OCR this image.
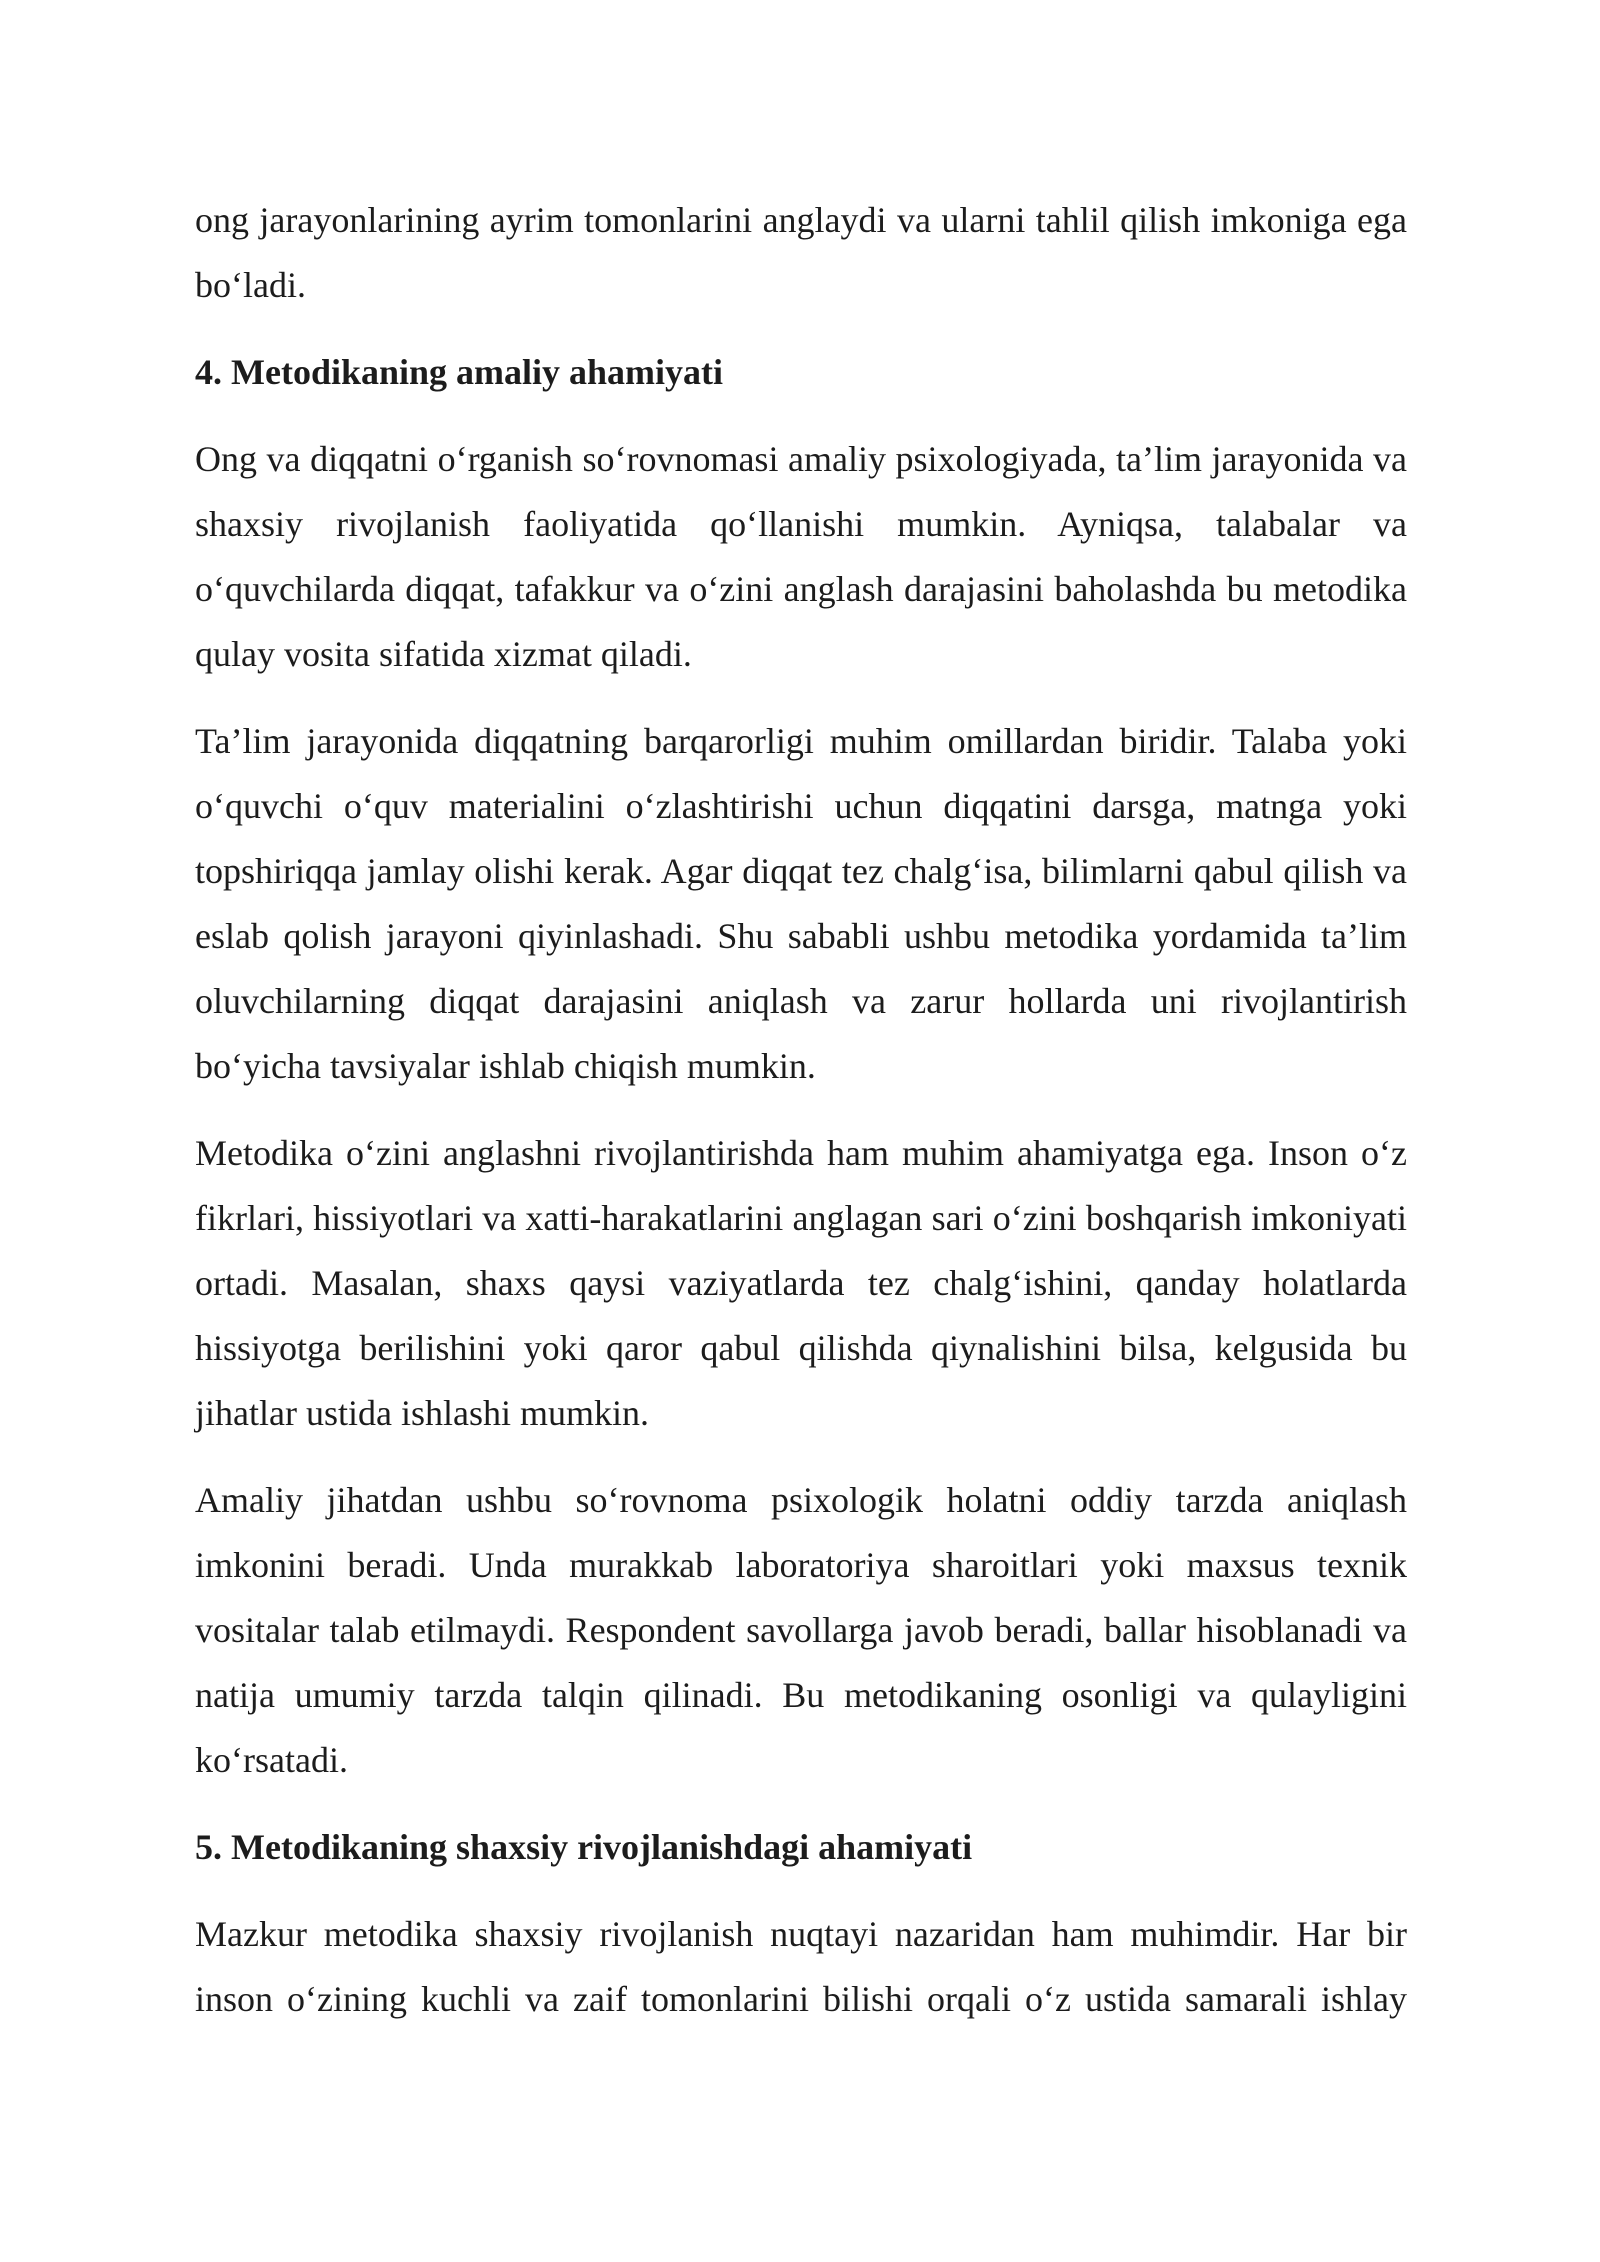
ong jarayonlarining ayrim tomonlarini anglaydi va ularni tahlil qilish imkoniga ega bo‘ladi.

4. Metodikaning amaliy ahamiyati

Ong va diqqatni o‘rganish so‘rovnomasi amaliy psixologiyada, ta’lim jarayonida va shaxsiy rivojlanish faoliyatida qo‘llanishi mumkin. Ayniqsa, talabalar va o‘quvchilarda diqqat, tafakkur va o‘zini anglash darajasini baholashda bu metodika qulay vosita sifatida xizmat qiladi.

Ta’lim jarayonida diqqatning barqarorligi muhim omillardan biridir. Talaba yoki o‘quvchi o‘quv materialini o‘zlashtirishi uchun diqqatini darsga, matnga yoki topshiriqqa jamlay olishi kerak. Agar diqqat tez chalg‘isa, bilimlarni qabul qilish va eslab qolish jarayoni qiyinlashadi. Shu sababli ushbu metodika yordamida ta’lim oluvchilarning diqqat darajasini aniqlash va zarur hollarda uni rivojlantirish bo‘yicha tavsiyalar ishlab chiqish mumkin.

Metodika o‘zini anglashni rivojlantirishda ham muhim ahamiyatga ega. Inson o‘z fikrlari, hissiyotlari va xatti-harakatlarini anglagan sari o‘zini boshqarish imkoniyati ortadi. Masalan, shaxs qaysi vaziyatlarda tez chalg‘ishini, qanday holatlarda hissiyotga berilishini yoki qaror qabul qilishda qiynalishini bilsa, kelgusida bu jihatlar ustida ishlashi mumkin.

Amaliy jihatdan ushbu so‘rovnoma psixologik holatni oddiy tarzda aniqlash imkonini beradi. Unda murakkab laboratoriya sharoitlari yoki maxsus texnik vositalar talab etilmaydi. Respondent savollarga javob beradi, ballar hisoblanadi va natija umumiy tarzda talqin qilinadi. Bu metodikaning osonligi va qulayligini ko‘rsatadi.

5. Metodikaning shaxsiy rivojlanishdagi ahamiyati

Mazkur metodika shaxsiy rivojlanish nuqtayi nazaridan ham muhimdir. Har bir inson o‘zining kuchli va zaif tomonlarini bilishi orqali o‘z ustida samarali ishlay
